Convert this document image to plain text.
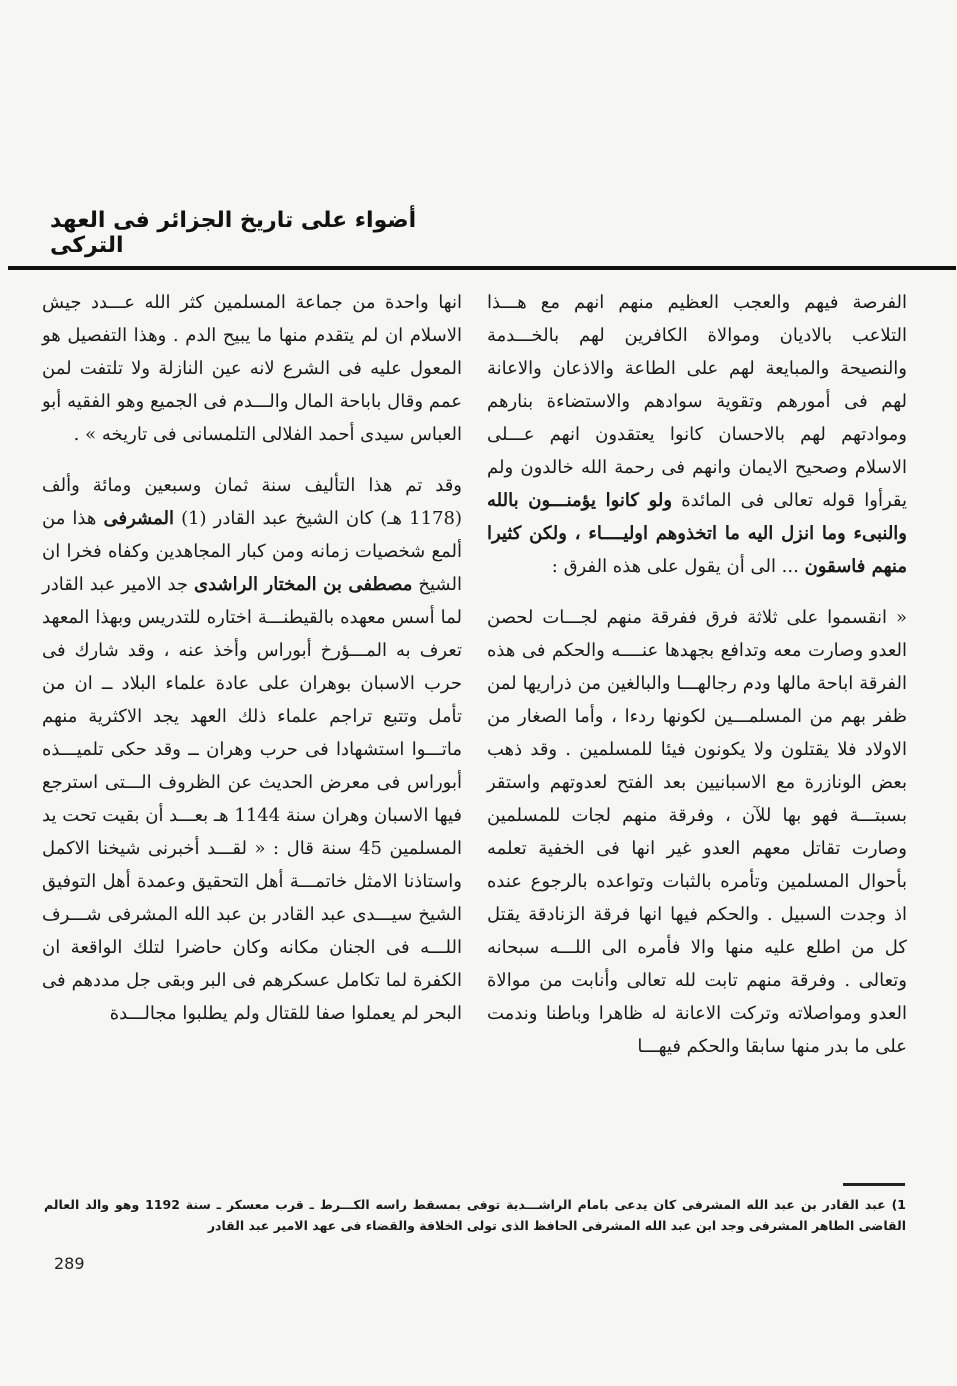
أضواء على تاريخ الجزائر فى العهد التركى

الفرصة فيهم والعجب العظيم منهم انهم مع هـــذا التلاعب بالاديان وموالاة الكافرين لهم بالخـــدمة والنصيحة والمبايعة لهم على الطاعة والاذعان والاعانة لهم فى أمورهم وتقوية سوادهم والاستضاءة بنارهم وموادتهم لهم بالاحسان كانوا يعتقدون انهم عـــلى الاسلام وصحيح الايمان وانهم فى رحمة الله خالدون ولم يقرأوا قوله تعالى فى المائدة ولو كانوا يؤمنـــون بالله والنبىء وما انزل اليه ما اتخذوهم اوليــــاء ، ولكن كثيرا منهم فاسقون ... الى أن يقول على هذه الفرق :

« انقسموا على ثلاثة فرق ففرقة منهم لجـــات لحصن العدو وصارت معه وتدافع بجهدها عنــــه والحكم فى هذه الفرقة اباحة مالها ودم رجالهـــا والبالغين من ذراريها لمن ظفر بهم من المسلمـــين لكونها ردءا ، وأما الصغار من الاولاد فلا يقتلون ولا يكونون فيئا للمسلمين . وقد ذهب بعض الونازرة مع الاسبانيين بعد الفتح لعدوتهم واستقر بسبتـــة فهو بها للآن ، وفرقة منهم لجات للمسلمين وصارت تقاتل معهم العدو غير انها فى الخفية تعلمه بأحوال المسلمين وتأمره بالثبات وتواعده بالرجوع عنده اذ وجدت السبيل . والحكم فيها انها فرقة الزنادقة يقتل كل من اطلع عليه منها والا فأمره الى اللـــه سبحانه وتعالى . وفرقة منهم تابت لله تعالى وأنابت من موالاة العدو ومواصلاته وتركت الاعانة له ظاهرا وباطنا وندمت على ما بدر منها سابقا والحكم فيهـــا

انها واحدة من جماعة المسلمين كثر الله عـــدد جيش الاسلام ان لم يتقدم منها ما يبيح الدم . وهذا التفصيل هو المعول عليه فى الشرع لانه عين النازلة ولا تلتفت لمن عمم وقال باباحة المال والـــدم فى الجميع وهو الفقيه أبو العباس سيدى أحمد الفلالى التلمسانى فى تاريخه » .

وقد تم هذا التأليف سنة ثمان وسبعين ومائة وألف (1178 هـ) كان الشيخ عبد القادر (1) المشرفى هذا من ألمع شخصيات زمانه ومن كبار المجاهدين وكفاه فخرا ان الشيخ مصطفى بن المختار الراشدى جد الامير عبد القادر لما أسس معهده بالقيطنـــة اختاره للتدريس وبهذا المعهد تعرف به المـــؤرخ أبوراس وأخذ عنه ، وقد شارك فى حرب الاسبان بوهران على عادة علماء البلاد ــ ان من تأمل وتتبع تراجم علماء ذلك العهد يجد الاكثرية منهم ماتـــوا استشهادا فى حرب وهران ــ وقد حكى تلميـــذه أبوراس فى معرض الحديث عن الظروف الـــتى استرجع فيها الاسبان وهران سنة 1144 هـ بعـــد أن بقيت تحت يد المسلمين 45 سنة قال : « لقـــد أخبرنى شيخنا الاكمل واستاذنا الامثل خاتمـــة أهل التحقيق وعمدة أهل التوفيق الشيخ سيـــدى عبد القادر بن عبد الله المشرفى شـــرف اللـــه فى الجنان مكانه وكان حاضرا لتلك الواقعة ان الكفرة لما تكامل عسكرهم فى البر وبقى جل مددهم فى البحر لم يعملوا صفا للقتال ولم يطلبوا مجالـــدة

1) عبد القادر بن عبد الله المشرفى كان يدعى بامام الراشـــدية توفى بمسقط راسه الكـــرط ـ قرب معسكر ـ سنة 1192 وهو والد العالم القاضى الطاهر المشرفى وجد ابن عبد الله المشرفى الحافظ الذى تولى الخلافة والقضاء فى عهد الامير عبد القادر
289
